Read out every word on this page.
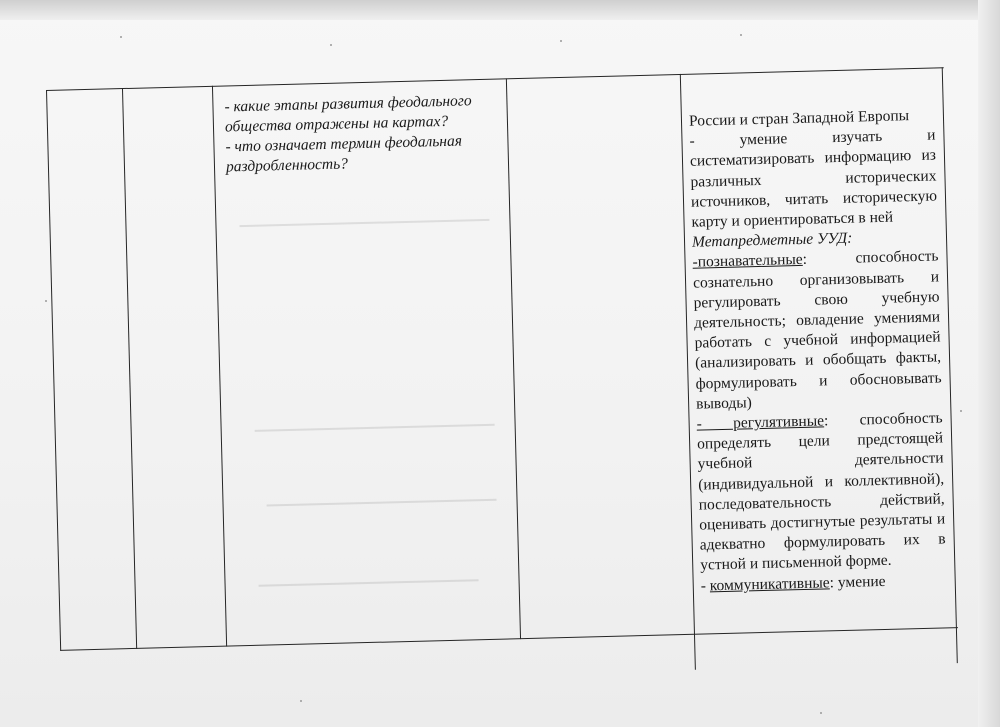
- какие этапы развития феодального общества отражены на картах?
- что означает термин феодальная раздробленность?

России и стран Западной Европы

- умение изучать и систематизировать информацию из различных исторических источников, читать историческую карту и ориентироваться в ней

Метапредметные УУД:

-познавательные: способность сознательно организовывать и регулировать свою учебную деятельность; овладение умениями работать с учебной информацией (анализировать и обобщать факты, формулировать и обосновывать выводы)

- регулятивные: способность определять цели предстоящей учебной деятельности (индивидуальной и коллективной), последовательность действий, оценивать достигнутые результаты и адекватно формулировать их в устной и письменной форме.

- коммуникативные: умение
